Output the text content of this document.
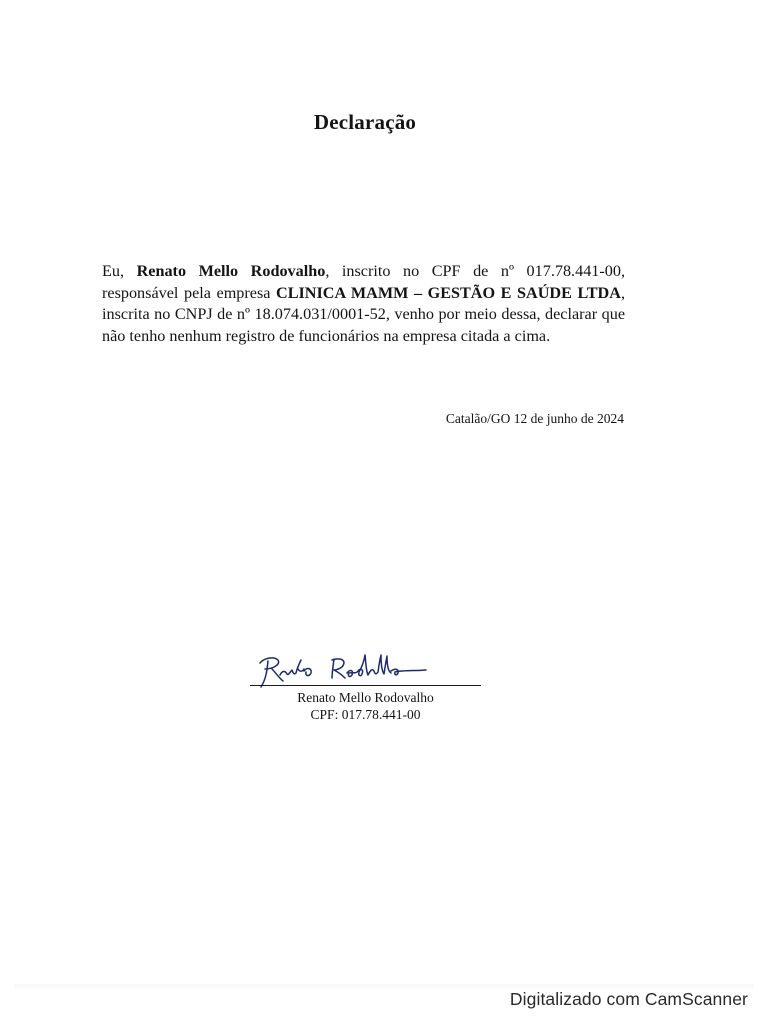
Declaração

Eu, Renato Mello Rodovalho, inscrito no CPF de nº 017.78.441-00, responsável pela empresa CLINICA MAMM – GESTÃO E SAÚDE LTDA, inscrita no CNPJ de nº 18.074.031/0001-52, venho por meio dessa, declarar que não tenho nenhum registro de funcionários na empresa citada a cima.

Catalão/GO 12 de junho de 2024
Renato Mello Rodovalho
CPF: 017.78.441-00
Digitalizado com CamScanner
